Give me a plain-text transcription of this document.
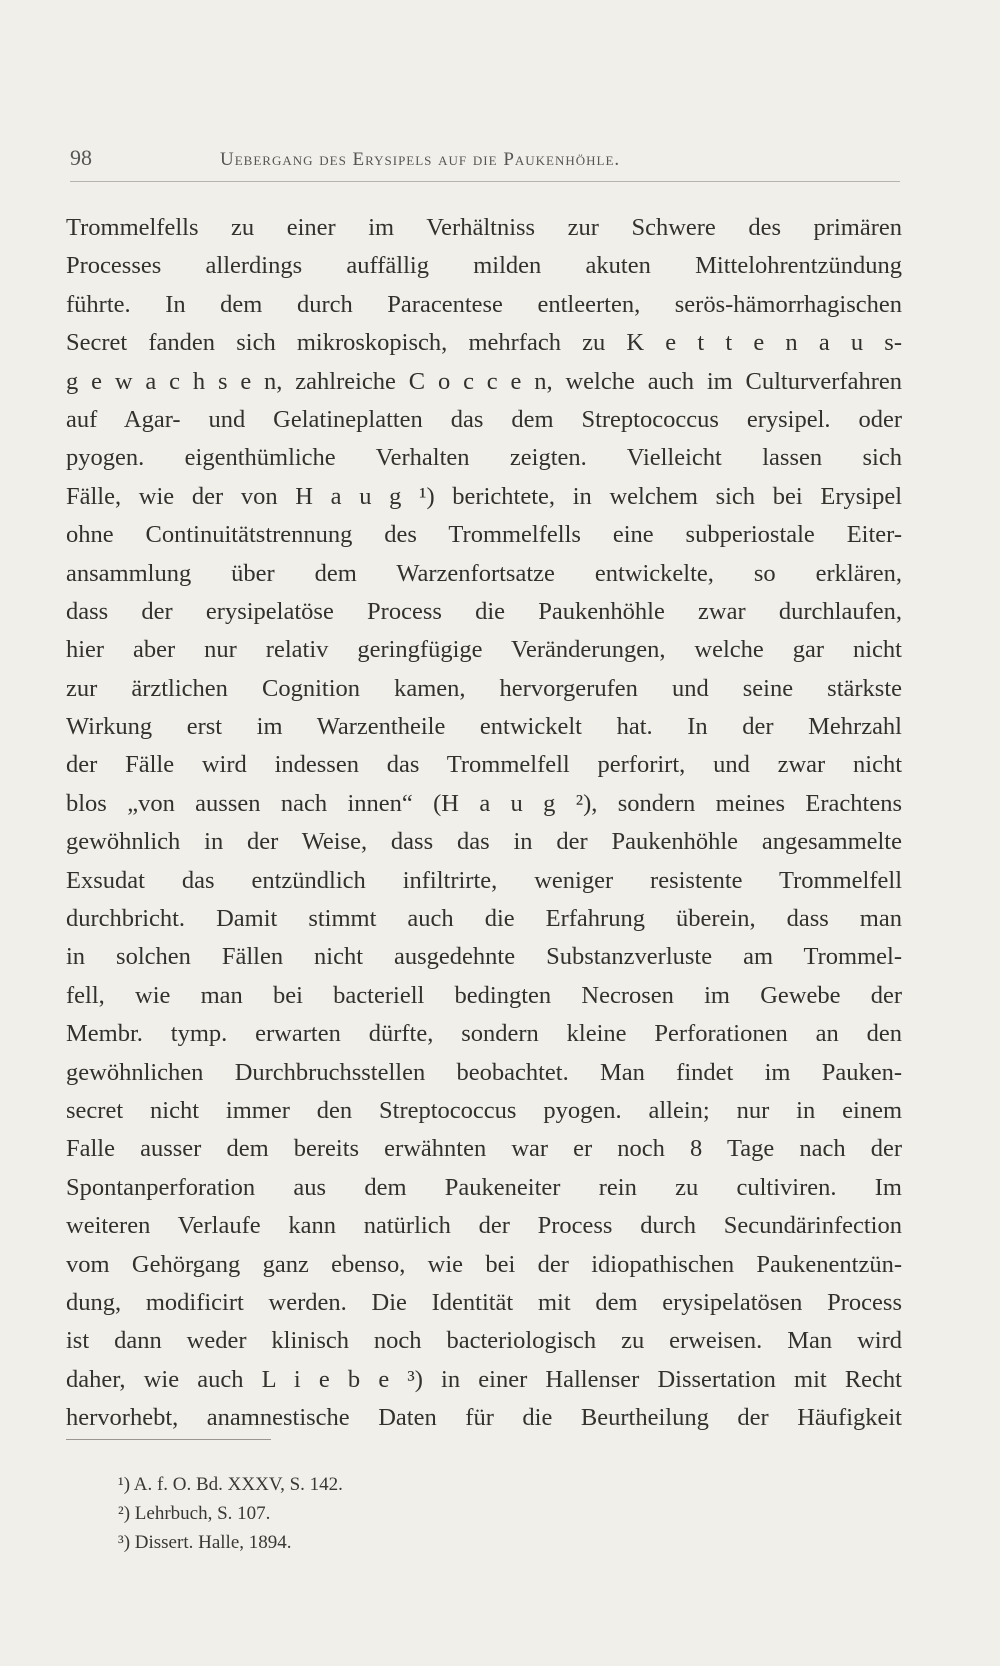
98	Uebergang des Erysipels auf die Paukenhöhle.
Trommelfells zu einer im Verhältniss zur Schwere des primären
Processes allerdings auffällig milden akuten Mittelohrentzündung
führte. In dem durch Paracentese entleerten, serös-hämorrhagischen
Secret fanden sich mikroskopisch, mehrfach zu K e t t e n a u s-
g e w a c h s e n, zahlreiche C o c c e n, welche auch im Culturverfahren
auf Agar- und Gelatineplatten das dem Streptococcus erysipel. oder
pyogen. eigenthümliche Verhalten zeigten. Vielleicht lassen sich
Fälle, wie der von H a u g ¹) berichtete, in welchem sich bei Erysipel
ohne Continuitätstrennung des Trommelfells eine subperiostale Eiter-
ansammlung über dem Warzenfortsatze entwickelte, so erklären,
dass der erysipelatöse Process die Paukenhöhle zwar durchlaufen,
hier aber nur relativ geringfügige Veränderungen, welche gar nicht
zur ärztlichen Cognition kamen, hervorgerufen und seine stärkste
Wirkung erst im Warzentheile entwickelt hat. In der Mehrzahl
der Fälle wird indessen das Trommelfell perforirt, und zwar nicht
blos „von aussen nach innen“ (H a u g ²), sondern meines Erachtens
gewöhnlich in der Weise, dass das in der Paukenhöhle angesammelte
Exsudat das entzündlich infiltrirte, weniger resistente Trommelfell
durchbricht. Damit stimmt auch die Erfahrung überein, dass man
in solchen Fällen nicht ausgedehnte Substanzverluste am Trommel-
fell, wie man bei bacteriell bedingten Necrosen im Gewebe der
Membr. tymp. erwarten dürfte, sondern kleine Perforationen an den
gewöhnlichen Durchbruchsstellen beobachtet. Man findet im Pauken-
secret nicht immer den Streptococcus pyogen. allein; nur in einem
Falle ausser dem bereits erwähnten war er noch 8 Tage nach der
Spontanperforation aus dem Paukeneiter rein zu cultiviren. Im
weiteren Verlaufe kann natürlich der Process durch Secundärinfection
vom Gehörgang ganz ebenso, wie bei der idiopathischen Paukenentzün-
dung, modificirt werden. Die Identität mit dem erysipelatösen Process
ist dann weder klinisch noch bacteriologisch zu erweisen. Man wird
daher, wie auch L i e b e ³) in einer Hallenser Dissertation mit Recht
hervorhebt, anamnestische Daten für die Beurtheilung der Häufigkeit
¹) A. f. O. Bd. XXXV, S. 142.
²) Lehrbuch, S. 107.
³) Dissert. Halle, 1894.
